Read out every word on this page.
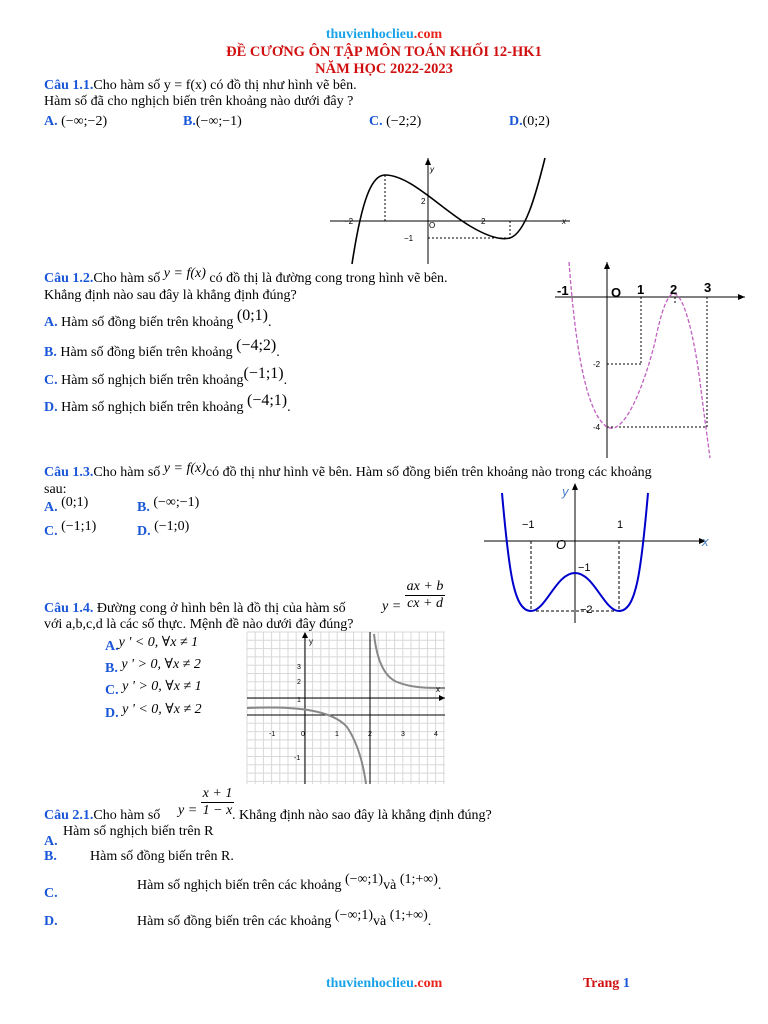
thuvienhoclieu.com
ĐỀ CƯƠNG ÔN TẬP MÔN TOÁN KHỐI 12-HK1
NĂM HỌC 2022-2023
Câu 1.1.Cho hàm số y = f(x) có đồ thị như hình vẽ bên.
Hàm số đã cho nghịch biến trên khoảng nào dưới đây ?
A. (−∞;−2)	B.(−∞;−1)	C. (−2;2)	D.(0;2)
y
x
O
−2	2
2
−1
Câu 1.2.Cho hàm số y = f(x) có đồ thị là đường cong trong hình vẽ bên.
Khẳng định nào sau đây là khẳng định đúng?
A. Hàm số đồng biến trên khoảng (0;1).
B. Hàm số đồng biến trên khoảng (−4;2).
C. Hàm số nghịch biến trên khoảng(−1;1).
D. Hàm số nghịch biến trên khoảng (−4;1).
-1	O 1 2 3
-2
-4
Câu 1.3.Cho hàm số y = f(x)có đồ thị như hình vẽ bên. Hàm số đồng biến trên khoảng nào trong các khoảng
sau:
A. (0;1)	B. (−∞;−1)
C. (−1;1)	D. (−1;0)
y
x
O
−1	1
−1
−2
Câu 1.4. Đường cong ở hình bên là đồ thị của hàm số	$y = \frac{ax + b}{cx + d}$
với a,b,c,d là các số thực. Mệnh đề nào dưới đây đúng?
A.y ' < 0, ∀x ≠ 1
B. y ' > 0, ∀x ≠ 2
C. y ' > 0, ∀x ≠ 1
D. y ' < 0, ∀x ≠ 2
y
x
-1	0	1	2	3	4
3
2
1
-1
Câu 2.1.Cho hàm số $y = \frac{x + 1}{1 - x}$
. Khẳng định nào sao đây là khẳng định đúng?
A.
Hàm số nghịch biến trên R
B. Hàm số đồng biến trên R.
C.
Hàm số nghịch biến trên các khoảng (−∞;1)và (1;+∞).
D.	Hàm số đồng biến trên các khoảng (−∞;1)và (1;+∞).
thuvienhoclieu.com	Trang 1
